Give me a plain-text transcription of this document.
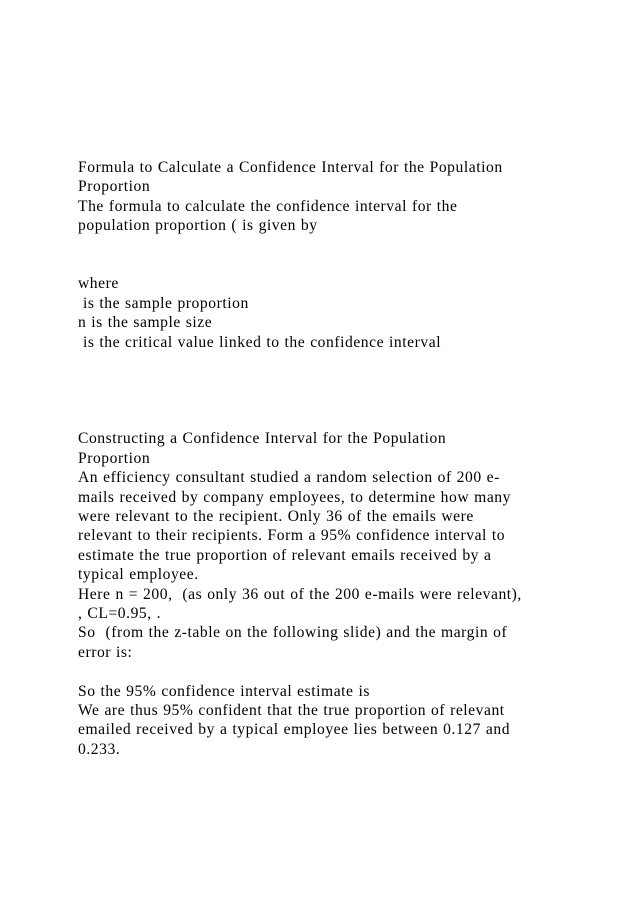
Formula to Calculate a Confidence Interval for the Population
Proportion
The formula to calculate the confidence interval for the
population proportion ( is given by
where
is the sample proportion
n is the sample size
is the critical value linked to the confidence interval
Constructing a Confidence Interval for the Population
Proportion
An efficiency consultant studied a random selection of 200 e-
mails received by company employees, to determine how many
were relevant to the recipient. Only 36 of the emails were
relevant to their recipients. Form a 95% confidence interval to
estimate the true proportion of relevant emails received by a
typical employee.
Here n = 200,  (as only 36 out of the 200 e-mails were relevant),
, CL=0.95, .
So  (from the z-table on the following slide) and the margin of
error is:
So the 95% confidence interval estimate is
We are thus 95% confident that the true proportion of relevant
emailed received by a typical employee lies between 0.127 and
0.233.
